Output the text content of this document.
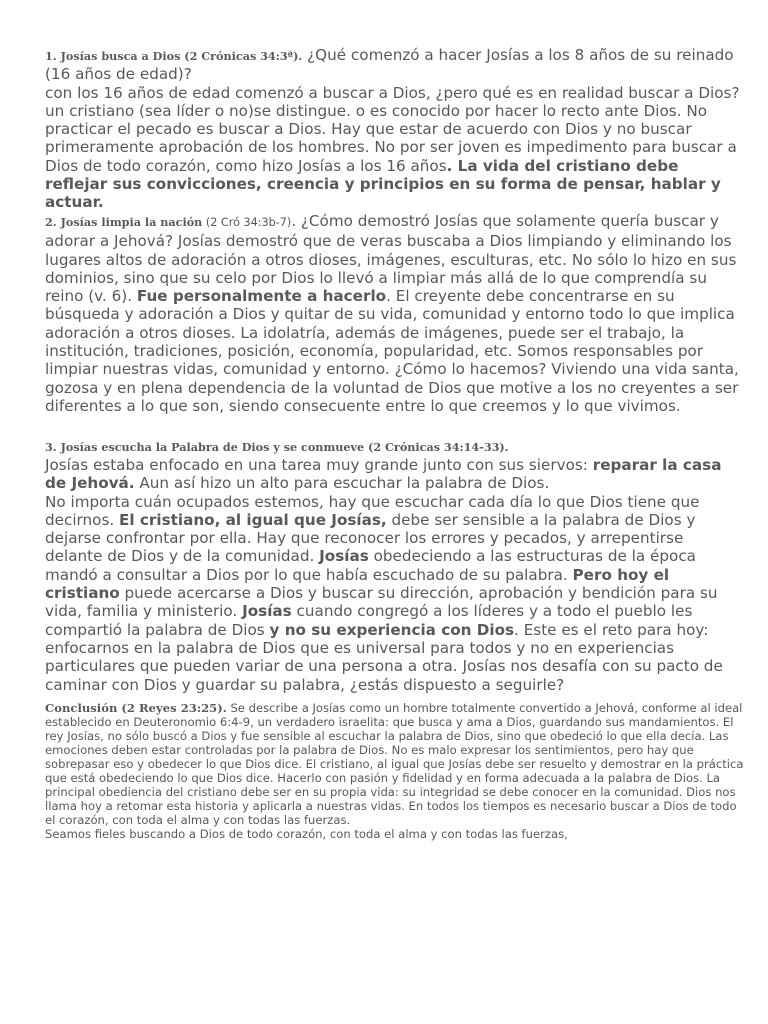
1. Josías busca a Dios (2 Crónicas 34:3ª). ¿Qué comenzó a hacer Josías a los 8 años de su reinado (16 años de edad)?

con los 16 años de edad comenzó a buscar a Dios, ¿pero qué es en realidad buscar a Dios? un cristiano (sea líder o no)se distingue. o es conocido por hacer lo recto ante Dios. No practicar el pecado es buscar a Dios. Hay que estar de acuerdo con Dios y no buscar primeramente aprobación de los hombres. No por ser joven es impedimento para buscar a Dios de todo corazón, como hizo Josías a los 16 años. La vida del cristiano debe reflejar sus convicciones, creencia y principios en su forma de pensar, hablar y actuar.

2. Josías limpia la nación (2 Cró 34:3b-7). ¿Cómo demostró Josías que solamente quería buscar y adorar a Jehová? Josías demostró que de veras buscaba a Dios limpiando y eliminando los lugares altos de adoración a otros dioses, imágenes, esculturas, etc. No sólo lo hizo en sus dominios, sino que su celo por Dios lo llevó a limpiar más allá de lo que comprendía su reino (v. 6). Fue personalmente a hacerlo. El creyente debe concentrarse en su búsqueda y adoración a Dios y quitar de su vida, comunidad y entorno todo lo que implica adoración a otros dioses. La idolatría, además de imágenes, puede ser el trabajo, la institución, tradiciones, posición, economía, popularidad, etc. Somos responsables por limpiar nuestras vidas, comunidad y entorno. ¿Cómo lo hacemos? Viviendo una vida santa, gozosa y en plena dependencia de la voluntad de Dios que motive a los no creyentes a ser diferentes a lo que son, siendo consecuente entre lo que creemos y lo que vivimos.

3. Josías escucha la Palabra de Dios y se conmueve (2 Crónicas 34:14-33).

Josías estaba enfocado en una tarea muy grande junto con sus siervos: reparar la casa de Jehová. Aun así hizo un alto para escuchar la palabra de Dios.

No importa cuán ocupados estemos, hay que escuchar cada día lo que Dios tiene que decirnos. El cristiano, al igual que Josías, debe ser sensible a la palabra de Dios y dejarse confrontar por ella. Hay que reconocer los errores y pecados, y arrepentirse delante de Dios y de la comunidad. Josías obedeciendo a las estructuras de la época mandó a consultar a Dios por lo que había escuchado de su palabra. Pero hoy el cristiano puede acercarse a Dios y buscar su dirección, aprobación y bendición para su vida, familia y ministerio. Josías cuando congregó a los líderes y a todo el pueblo les compartió la palabra de Dios y no su experiencia con Dios. Este es el reto para hoy: enfocarnos en la palabra de Dios que es universal para todos y no en experiencias particulares que pueden variar de una persona a otra. Josías nos desafía con su pacto de caminar con Dios y guardar su palabra, ¿estás dispuesto a seguirle?

Conclusión (2 Reyes 23:25). Se describe a Josías como un hombre totalmente convertido a Jehová, conforme al ideal establecido en Deuteronomio 6:4-9, un verdadero israelita: que busca y ama a Dios, guardando sus mandamientos. El rey Josías, no sólo buscó a Dios y fue sensible al escuchar la palabra de Dios, sino que obedeció lo que ella decía. Las emociones deben estar controladas por la palabra de Dios. No es malo expresar los sentimientos, pero hay que sobrepasar eso y obedecer lo que Dios dice. El cristiano, al igual que Josías debe ser resuelto y demostrar en la práctica que está obedeciendo lo que Dios dice. Hacerlo con pasión y fidelidad y en forma adecuada a la palabra de Dios. La principal obediencia del cristiano debe ser en su propia vida: su integridad se debe conocer en la comunidad. Dios nos llama hoy a retomar esta historia y aplicarla a nuestras vidas. En todos los tiempos es necesario buscar a Dios de todo el corazón, con toda el alma y con todas las fuerzas.

Seamos fieles buscando a Dios de todo corazón, con toda el alma y con todas las fuerzas,
